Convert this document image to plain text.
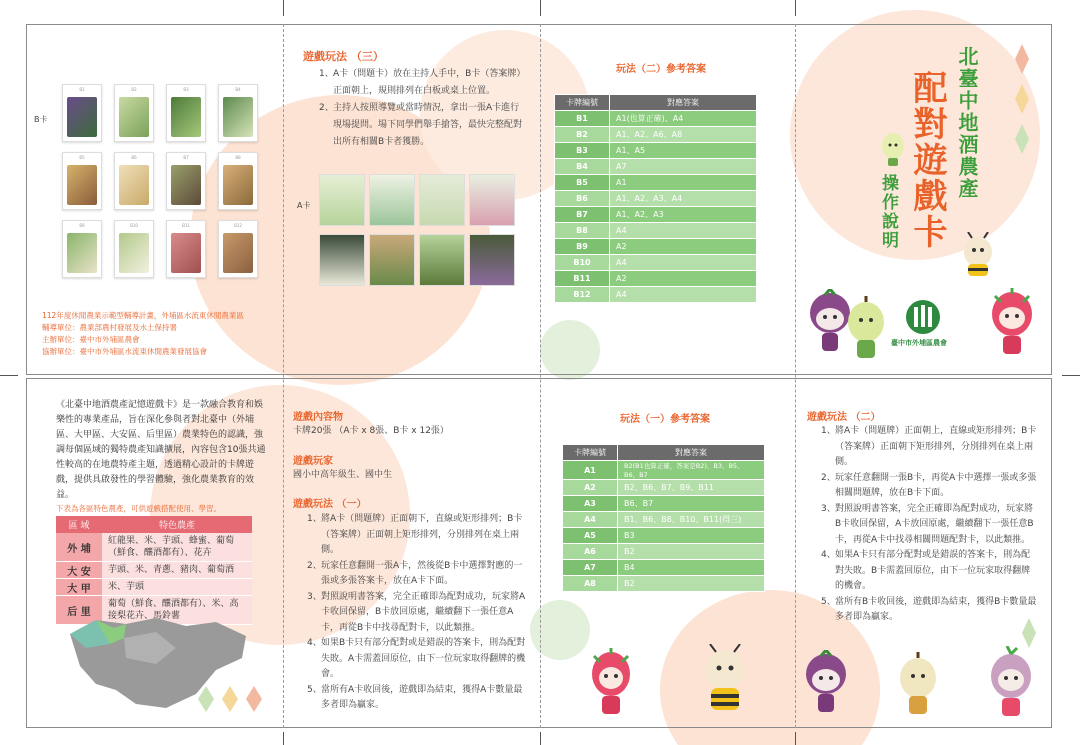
B卡
B1	B2	B3	B4
B5	B6	B7	B8
B9	B10	B11	B12
112年度休閒農業示範型輔導計畫，外埔區水流東休閒農業區
輔導單位：農業部農村發展及水土保持署
主辦單位：臺中市外埔區農會
協辦單位：臺中市外埔區水流東休閒農業發展協會
遊戲玩法 （三）
1、 A卡（問題卡）放在主持人手中，B卡（答案牌）正面朝上，規則排列在白板或桌上位置。
2、 主持人按照導覽或當時情況，拿出一張A卡進行現場提問。場下同學們舉手搶答，最快完整配對出所有相關B卡者獲勝。
A卡
玩法（二）參考答案
卡牌編號	對應答案
B1	A1(也算正確)、A4
B2	A1、A2、A6、A8
B3	A1、A5
B4	A7
B5	A1
B6	A1、A2、A3、A4
B7	A1、A2、A3
B8	A4
B9	A2
B10	A4
B11	A2
B12	A4
北臺中地酒農產
配對遊戲卡
操作說明
臺中市外埔區農會
《北臺中地酒農產記憶遊戲卡》是一款融合教育和娛樂性的專業產品，旨在深化參與者對北臺中（外埔區、大甲區、大安區、后里區）農業特色的認識，強調每個區域的獨特農產知識擴展，內容包含10張共通性較高的在地農特產主題，透過精心設計的卡牌遊戲，提供具啟發性的學習體驗，強化農業教育的效益。
下表為各區特色農產，可供遊戲搭配使用、學習。
區 域	特色農產
外 埔	紅龍果、米、芋頭、蜂蜜、葡萄（鮮食、釀酒都有）、花卉
大 安	芋頭、米、青蔥、豬肉、葡萄酒
大 甲	米、芋頭
后 里	葡萄（鮮食、釀酒都有）、米、高接梨花卉、馬鈴薯
遊戲內容物
卡牌20張 （A卡 x 8張、B卡 x 12張）
遊戲玩家
國小中高年級生、國中生
遊戲玩法 （一）
1、 將A卡（問題牌）正面朝下，直線或矩形排列；B卡（答案牌）正面朝上矩形排列，分別排列在桌上兩側。
2、 玩家任意翻開一張A卡，然後從B卡中選擇對應的一張或多張答案卡，放在A卡下面。
3、 對照說明書答案，完全正確即為配對成功，玩家將A卡收回保留，B卡放回原處，繼續翻下一張任意A卡，再從B卡中找尋配對卡，以此類推。
4、 如果B卡只有部分配對或是錯誤的答案卡，則為配對失敗。A卡需蓋回原位，由下一位玩家取得翻牌的機會。
5、 當所有A卡收回後，遊戲即為結束，獲得A卡數量最多者即為贏家。
玩法（一）參考答案
卡牌編號	對應答案
A1	B2(B1也算正確，答案是B2)、B3、B5、B6、B7
A2	B2、B6、B7、B9、B11
A3	B6、B7
A4	B1、B6、B8、B10、B11(得三)
A5	B3
A6	B2
A7	B4
A8	B2
遊戲玩法 （二）
1、 將A卡（問題牌）正面朝上，直線或矩形排列；B卡（答案牌）正面朝下矩形排列，分別排列在桌上兩側。
2、 玩家任意翻開一張B卡，再從A卡中選擇一張或多張相關問題牌，放在B卡下面。
3、 對照說明書答案，完全正確即為配對成功，玩家將B卡收回保留，A卡放回原處，繼續翻下一張任意B卡，再從A卡中找尋相關問題配對卡，以此類推。
4、 如果A卡只有部分配對或是錯誤的答案卡，則為配對失敗。B卡需蓋回原位，由下一位玩家取得翻牌的機會。
5、 當所有B卡收回後，遊戲即為結束，獲得B卡數量最多者即為贏家。
